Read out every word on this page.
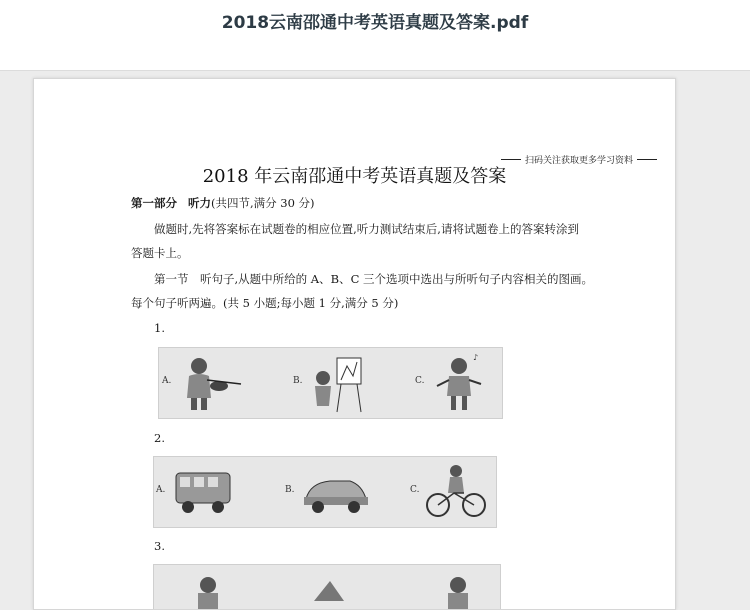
2018云南邵通中考英语真题及答案.pdf
扫码关注获取更多学习资料
2018 年云南邵通中考英语真题及答案
第一部分 听力(共四节,满分 30 分)
做题时,先将答案标在试题卷的相应位置,听力测试结束后,请将试题卷上的答案转涂到
答题卡上。
第一节　听句子,从题中所给的 A、B、C 三个选项中选出与所听句子内容相关的图画。
每个句子听两遍。(共 5 小题;每小题 1 分,满分 5 分)
1.
A.	B.	C.
♪
2.
A.	B.	C.
3.
